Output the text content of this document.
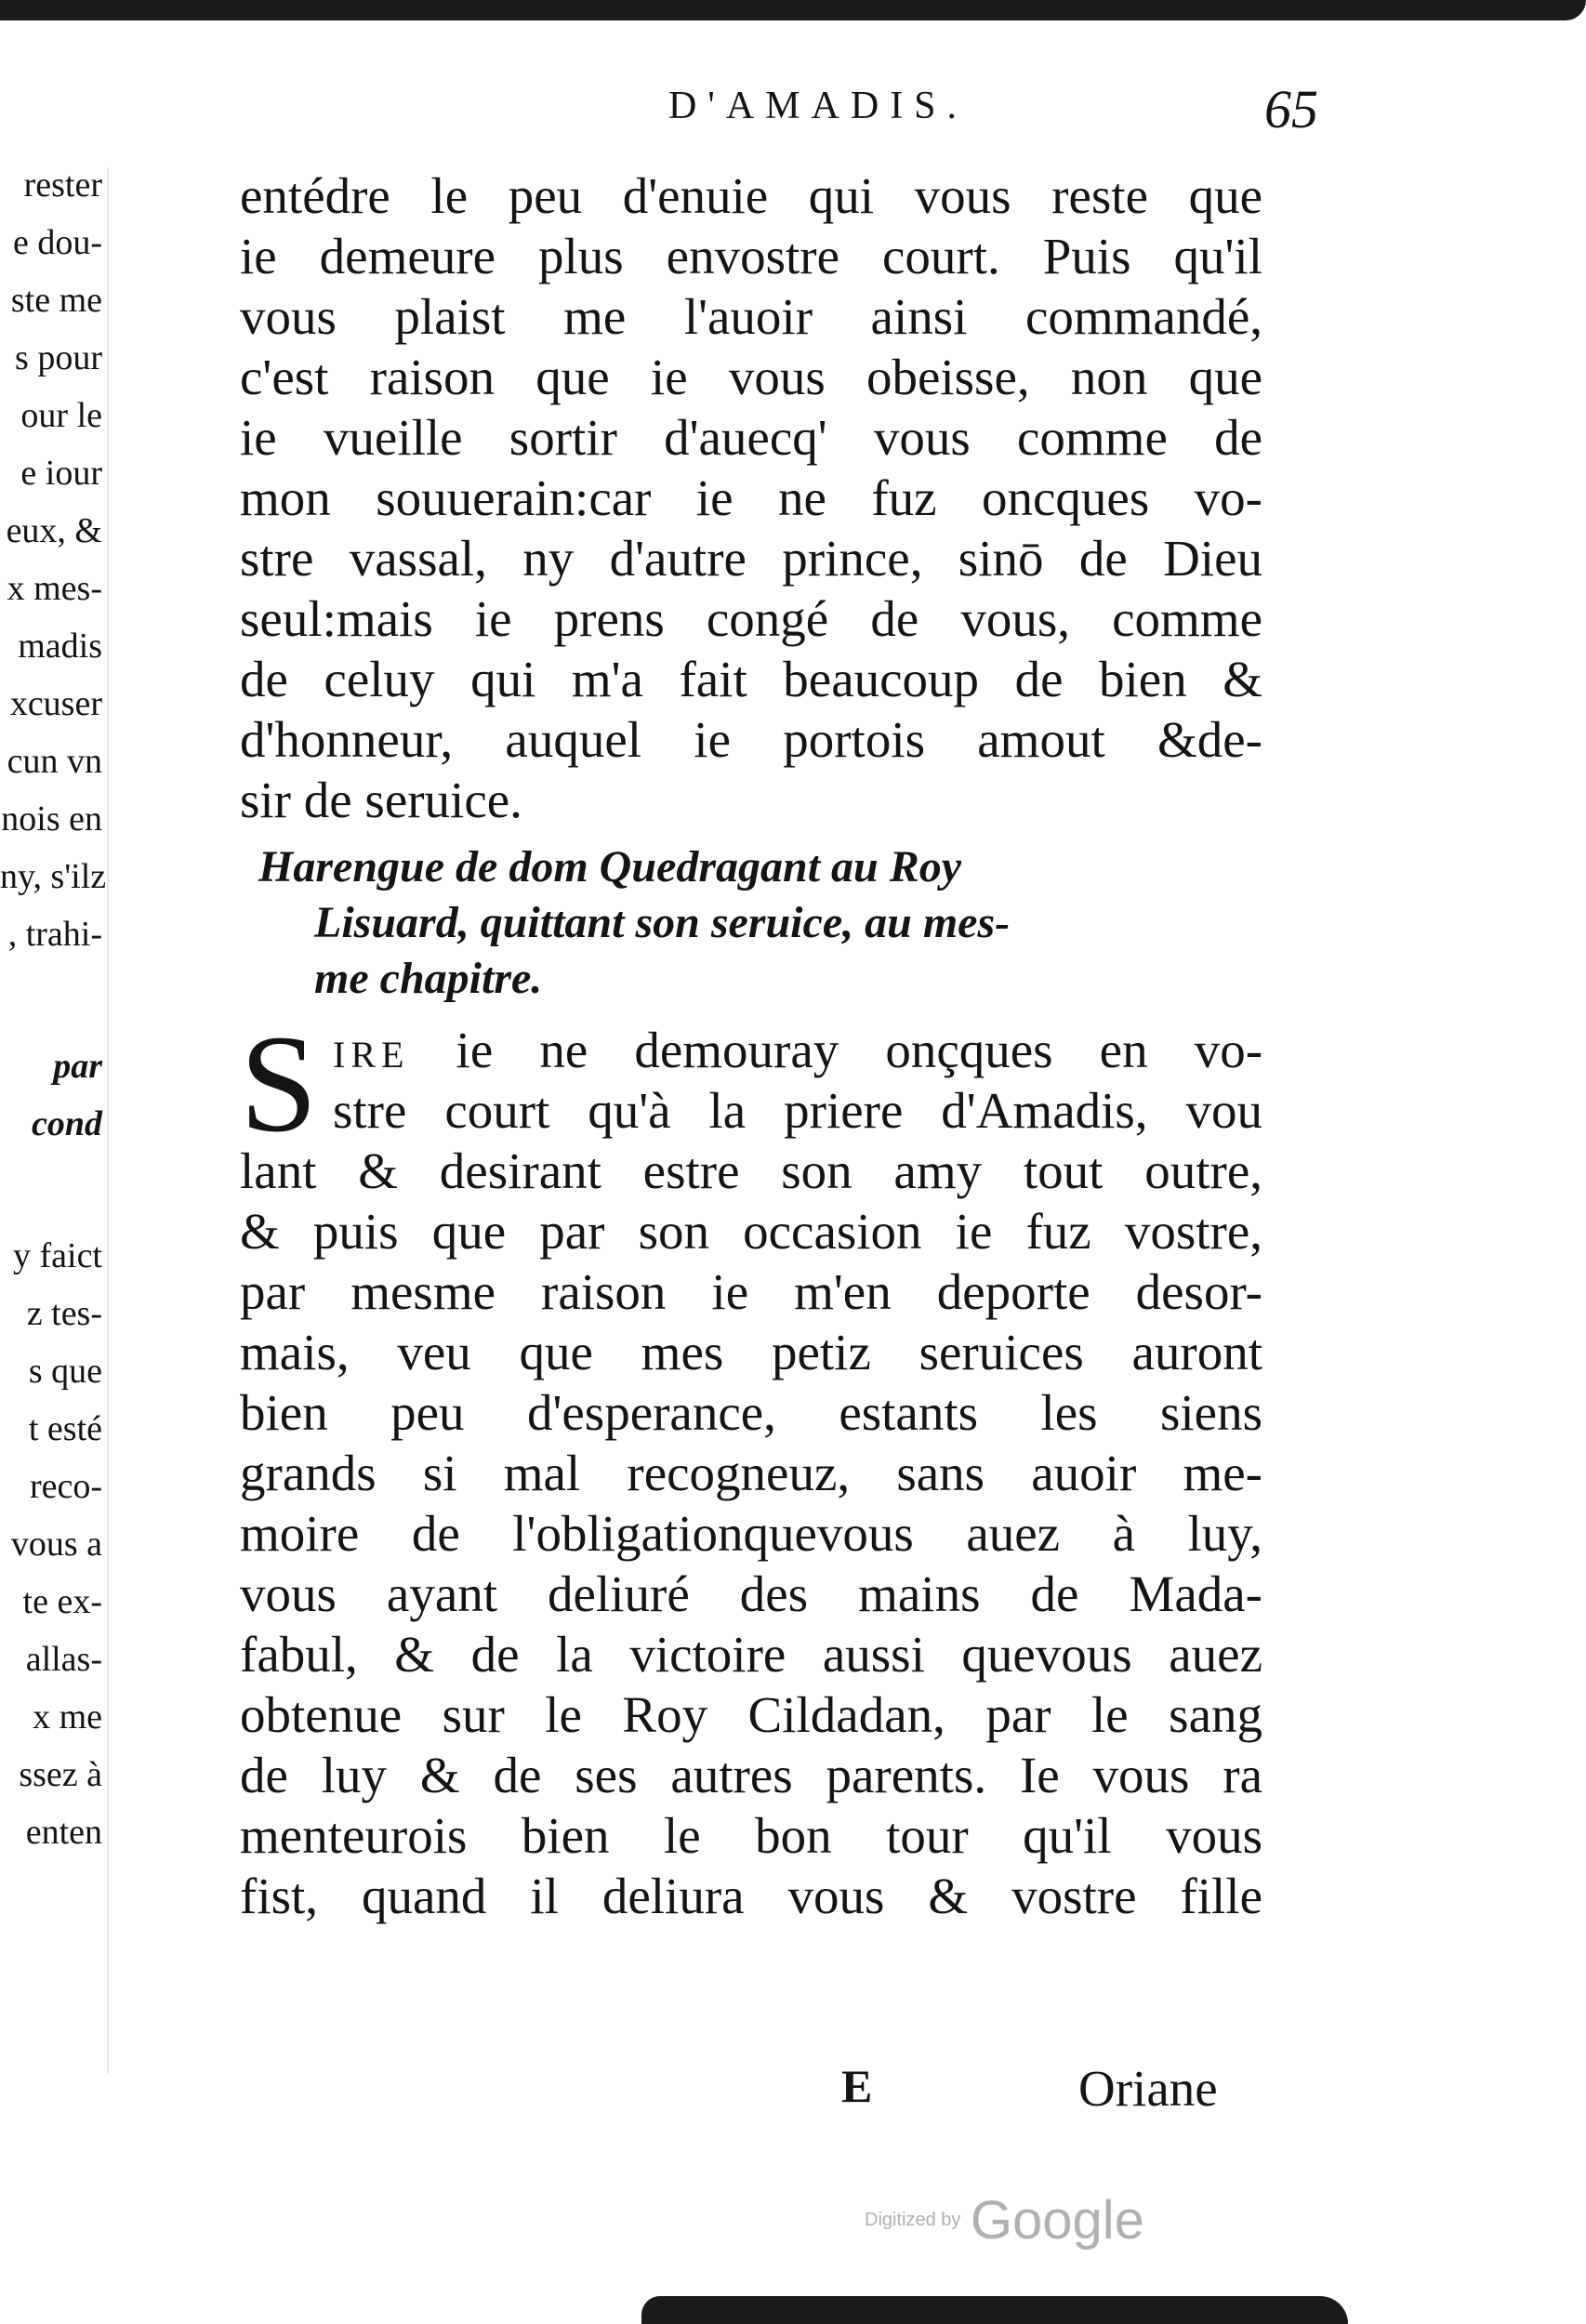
rester
e dou-
ste me
s pour
our le
e iour
eux, &
x mes-
madis
xcuser
cun vn
nois en
ny, s'ilz
, trahi-
par
cond
y faict
z tes-
s que
t esté
reco-
vous a
te ex-
allas-
x me
ssez à
enten
D'AMADIS.	65
entédre le peu d'enuie qui vous reste que
ie demeure plus envostre court. Puis qu'il
vous plaist me l'auoir ainsi commandé,
c'est raison que ie vous obeisse, non que
ie vueille sortir d'auecq' vous comme de
mon souuerain:car ie ne fuz oncques vo-
stre vassal, ny d'autre prince, sinō de Dieu
seul:mais ie prens congé de vous, comme
de celuy qui m'a fait beaucoup de bien &
d'honneur, auquel ie portois amout &de-
sir de seruice.
Harengue de dom Quedragant au Roy
Lisuard, quittant son seruice, au mes-
me chapitre.
S IRE ie ne demouray onçques en vo-
stre court qu'à la priere d'Amadis, vou
lant & desirant estre son amy tout outre,
& puis que par son occasion ie fuz vostre,
par mesme raison ie m'en deporte desor-
mais, veu que mes petiz seruices auront
bien peu d'esperance, estants les siens
grands si mal recogneuz, sans auoir me-
moire de l'obligationquevous auez à luy,
vous ayant deliuré des mains de Mada-
fabul, & de la victoire aussi quevous auez
obtenue sur le Roy Cildadan, par le sang
de luy & de ses autres parents. Ie vous ra
menteurois bien le bon tour qu'il vous
fist, quand il deliura vous & vostre fille
E	Oriane
Digitized by Google
